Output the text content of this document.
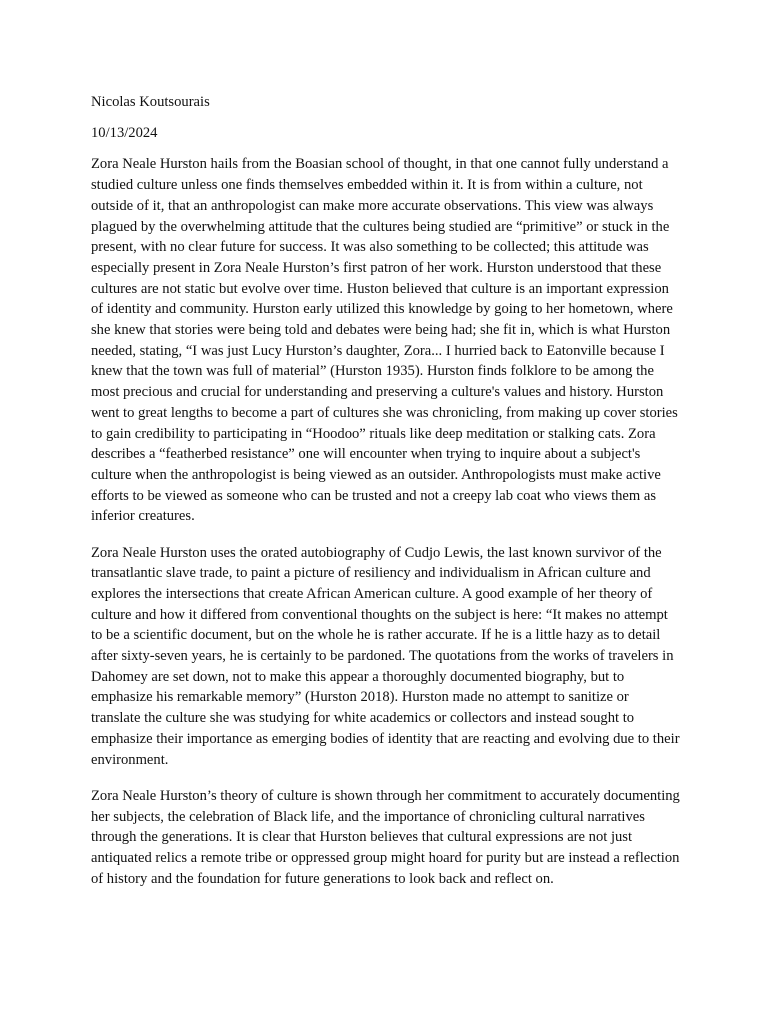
Nicolas Koutsourais

10/13/2024

Zora Neale Hurston hails from the Boasian school of thought, in that one cannot fully understand a studied culture unless one finds themselves embedded within it. It is from within a culture, not outside of it, that an anthropologist can make more accurate observations. This view was always plagued by the overwhelming attitude that the cultures being studied are “primitive” or stuck in the present, with no clear future for success. It was also something to be collected; this attitude was especially present in Zora Neale Hurston’s first patron of her work. Hurston understood that these cultures are not static but evolve over time. Huston believed that culture is an important expression of identity and community. Hurston early utilized this knowledge by going to her hometown, where she knew that stories were being told and debates were being had; she fit in, which is what Hurston needed, stating, “I was just Lucy Hurston’s daughter, Zora... I hurried back to Eatonville because I knew that the town was full of material” (Hurston 1935). Hurston finds folklore to be among the most precious and crucial for understanding and preserving a culture's values and history. Hurston went to great lengths to become a part of cultures she was chronicling, from making up cover stories to gain credibility to participating in “Hoodoo” rituals like deep meditation or stalking cats. Zora describes a “featherbed resistance” one will encounter when trying to inquire about a subject's culture when the anthropologist is being viewed as an outsider. Anthropologists must make active efforts to be viewed as someone who can be trusted and not a creepy lab coat who views them as inferior creatures.

Zora Neale Hurston uses the orated autobiography of Cudjo Lewis, the last known survivor of the transatlantic slave trade, to paint a picture of resiliency and individualism in African culture and explores the intersections that create African American culture. A good example of her theory of culture and how it differed from conventional thoughts on the subject is here: “It makes no attempt to be a scientific document, but on the whole he is rather accurate. If he is a little hazy as to detail after sixty-seven years, he is certainly to be pardoned. The quotations from the works of travelers in Dahomey are set down, not to make this appear a thoroughly documented biography, but to emphasize his remarkable memory” (Hurston 2018). Hurston made no attempt to sanitize or translate the culture she was studying for white academics or collectors and instead sought to emphasize their importance as emerging bodies of identity that are reacting and evolving due to their environment.

Zora Neale Hurston’s theory of culture is shown through her commitment to accurately documenting her subjects, the celebration of Black life, and the importance of chronicling cultural narratives through the generations. It is clear that Hurston believes that cultural expressions are not just antiquated relics a remote tribe or oppressed group might hoard for purity but are instead a reflection of history and the foundation for future generations to look back and reflect on.
